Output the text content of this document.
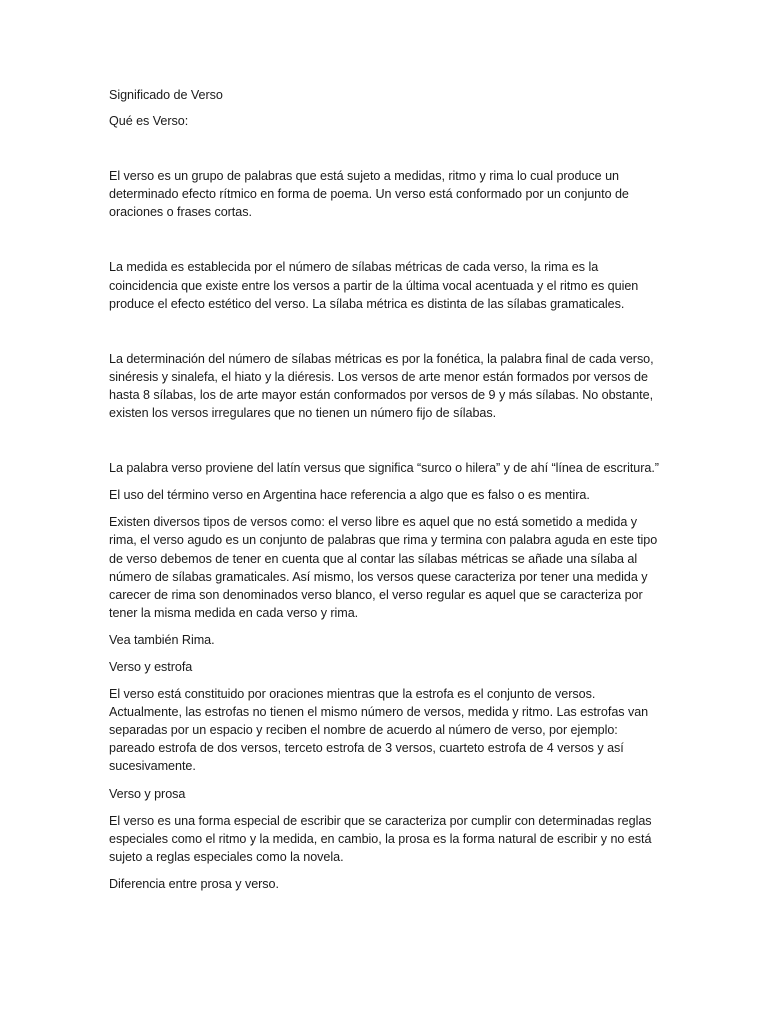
Significado de Verso

Qué es Verso:

El verso es un grupo de palabras que está sujeto a medidas, ritmo y rima lo cual produce un determinado efecto rítmico en forma de poema. Un verso está conformado por un conjunto de oraciones o frases cortas.

La medida es establecida por el número de sílabas métricas de cada verso, la rima es la coincidencia que existe entre los versos a partir de la última vocal acentuada y el ritmo es quien produce el efecto estético del verso. La sílaba métrica es distinta de las sílabas gramaticales.

La determinación del número de sílabas métricas es por la fonética, la palabra final de cada verso, sinéresis y sinalefa, el hiato y la diéresis. Los versos de arte menor están formados por versos de hasta 8 sílabas, los de arte mayor están conformados por versos de 9 y más sílabas. No obstante, existen los versos irregulares que no tienen un número fijo de sílabas.

La palabra verso proviene del latín versus que significa “surco o hilera” y de ahí “línea de escritura.”

El uso del término verso en Argentina hace referencia a algo que es falso o es mentira.

Existen diversos tipos de versos como: el verso libre es aquel que no está sometido a medida y rima, el verso agudo es un conjunto de palabras que rima y termina con palabra aguda en este tipo de verso debemos de tener en cuenta que al contar las sílabas métricas se añade una sílaba al número de sílabas gramaticales. Así mismo, los versos quese caracteriza por tener una medida y carecer de rima son denominados verso blanco, el verso regular es aquel que se caracteriza por tener la misma medida en cada verso y rima.

Vea también Rima.

Verso y estrofa

El verso está constituido por oraciones mientras que la estrofa es el conjunto de versos. Actualmente, las estrofas no tienen el mismo número de versos, medida y ritmo. Las estrofas van separadas por un espacio y reciben el nombre de acuerdo al número de verso, por ejemplo: pareado estrofa de dos versos, terceto estrofa de 3 versos, cuarteto estrofa de 4 versos y así sucesivamente.

Verso y prosa

El verso es una forma especial de escribir que se caracteriza por cumplir con determinadas reglas especiales como el ritmo y la medida, en cambio, la prosa es la forma natural de escribir y no está sujeto a reglas especiales como la novela.

Diferencia entre prosa y verso.
